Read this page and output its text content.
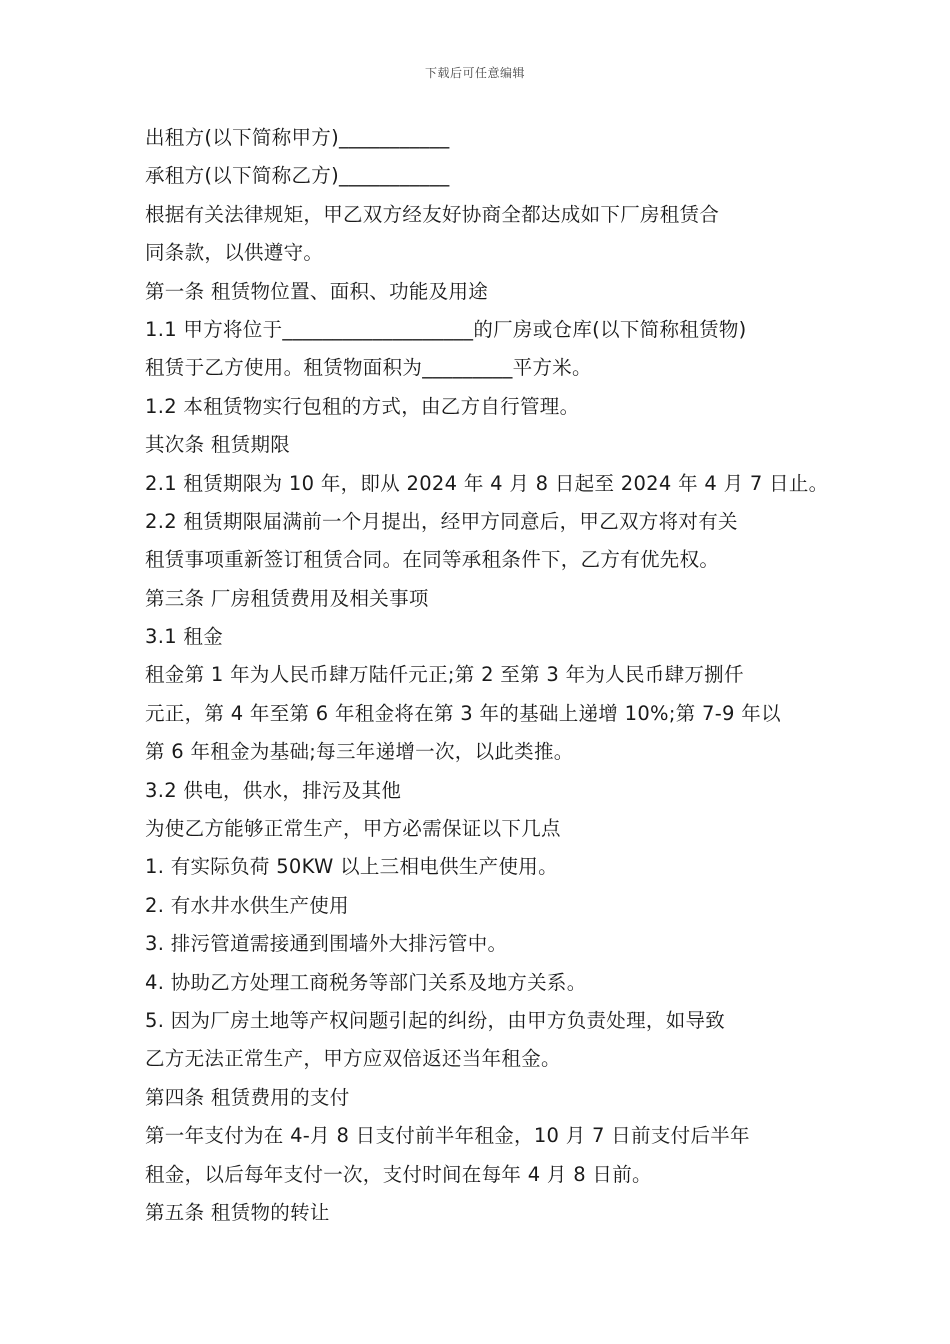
下载后可任意编辑
出租方(以下简称甲方)___________
承租方(以下简称乙方)___________
根据有关法律规矩，甲乙双方经友好协商全都达成如下厂房租赁合
同条款，以供遵守。
第一条 租赁物位置、面积、功能及用途
1.1 甲方将位于___________________的厂房或仓库(以下简称租赁物)
租赁于乙方使用。租赁物面积为_________平方米。
1.2 本租赁物实行包租的方式，由乙方自行管理。
其次条 租赁期限
2.1 租赁期限为 10 年，即从 2024 年 4 月 8 日起至 2024 年 4 月 7 日止。
2.2 租赁期限届满前一个月提出，经甲方同意后，甲乙双方将对有关
租赁事项重新签订租赁合同。在同等承租条件下，乙方有优先权。
第三条 厂房租赁费用及相关事项
3.1 租金
租金第 1 年为人民币肆万陆仟元正;第 2 至第 3 年为人民币肆万捌仟
元正，第 4 年至第 6 年租金将在第 3 年的基础上递增 10%;第 7-9 年以
第 6 年租金为基础;每三年递增一次，以此类推。
3.2 供电，供水，排污及其他
为使乙方能够正常生产，甲方必需保证以下几点
1. 有实际负荷 50KW 以上三相电供生产使用。
2. 有水井水供生产使用
3. 排污管道需接通到围墙外大排污管中。
4. 协助乙方处理工商税务等部门关系及地方关系。
5. 因为厂房土地等产权问题引起的纠纷，由甲方负责处理，如导致
乙方无法正常生产，甲方应双倍返还当年租金。
第四条 租赁费用的支付
第一年支付为在 4-月 8 日支付前半年租金，10 月 7 日前支付后半年
租金，以后每年支付一次，支付时间在每年 4 月 8 日前。
第五条 租赁物的转让
